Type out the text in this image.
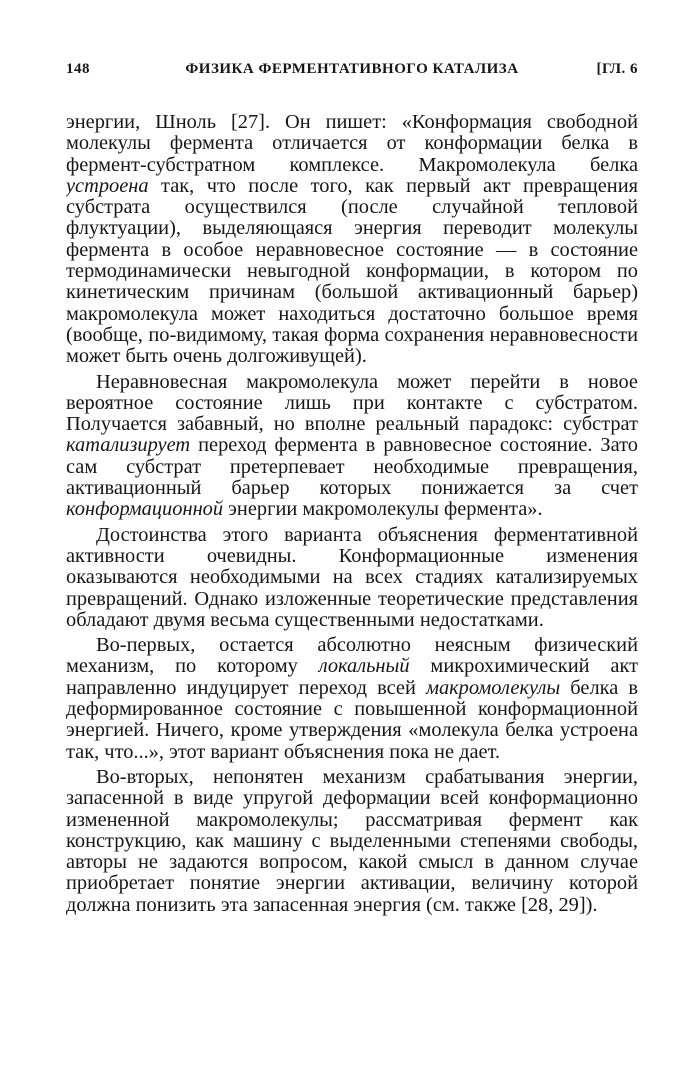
148	ФИЗИКА ФЕРМЕНТАТИВНОГО КАТАЛИЗА	[ГЛ. 6

энергии, Шноль [27]. Он пишет: «Конформация свободной молекулы фермента отличается от конформации белка в фермент-субстратном комплексе. Макромолекула белка устроена так, что после того, как первый акт превращения субстрата осуществился (после случайной тепловой флуктуации), выделяющаяся энергия переводит молекулы фермента в особое неравновесное состояние — в состояние термодинамически невыгодной конформации, в котором по кинетическим причинам (большой активационный барьер) макромолекула может находиться достаточно большое время (вообще, по-видимому, такая форма сохранения неравновесности может быть очень долгоживущей).

Неравновесная макромолекула может перейти в новое вероятное состояние лишь при контакте с субстратом. Получается забавный, но вполне реальный парадокс: субстрат катализирует переход фермента в равновесное состояние. Зато сам субстрат претерпевает необходимые превращения, активационный барьер которых понижается за счет конформационной энергии макромолекулы фермента».

Достоинства этого варианта объяснения ферментативной активности очевидны. Конформационные изменения оказываются необходимыми на всех стадиях катализируемых превращений. Однако изложенные теоретические представления обладают двумя весьма существенными недостатками.

Во-первых, остается абсолютно неясным физический механизм, по которому локальный микрохимический акт направленно индуцирует переход всей макромолекулы белка в деформированное состояние с повышенной конформационной энергией. Ничего, кроме утверждения «молекула белка устроена так, что...», этот вариант объяснения пока не дает.

Во-вторых, непонятен механизм срабатывания энергии, запасенной в виде упругой деформации всей конформационно измененной макромолекулы; рассматривая фермент как конструкцию, как машину с выделенными степенями свободы, авторы не задаются вопросом, какой смысл в данном случае приобретает понятие энергии активации, величину которой должна понизить эта запасенная энергия (см. также [28, 29]).
